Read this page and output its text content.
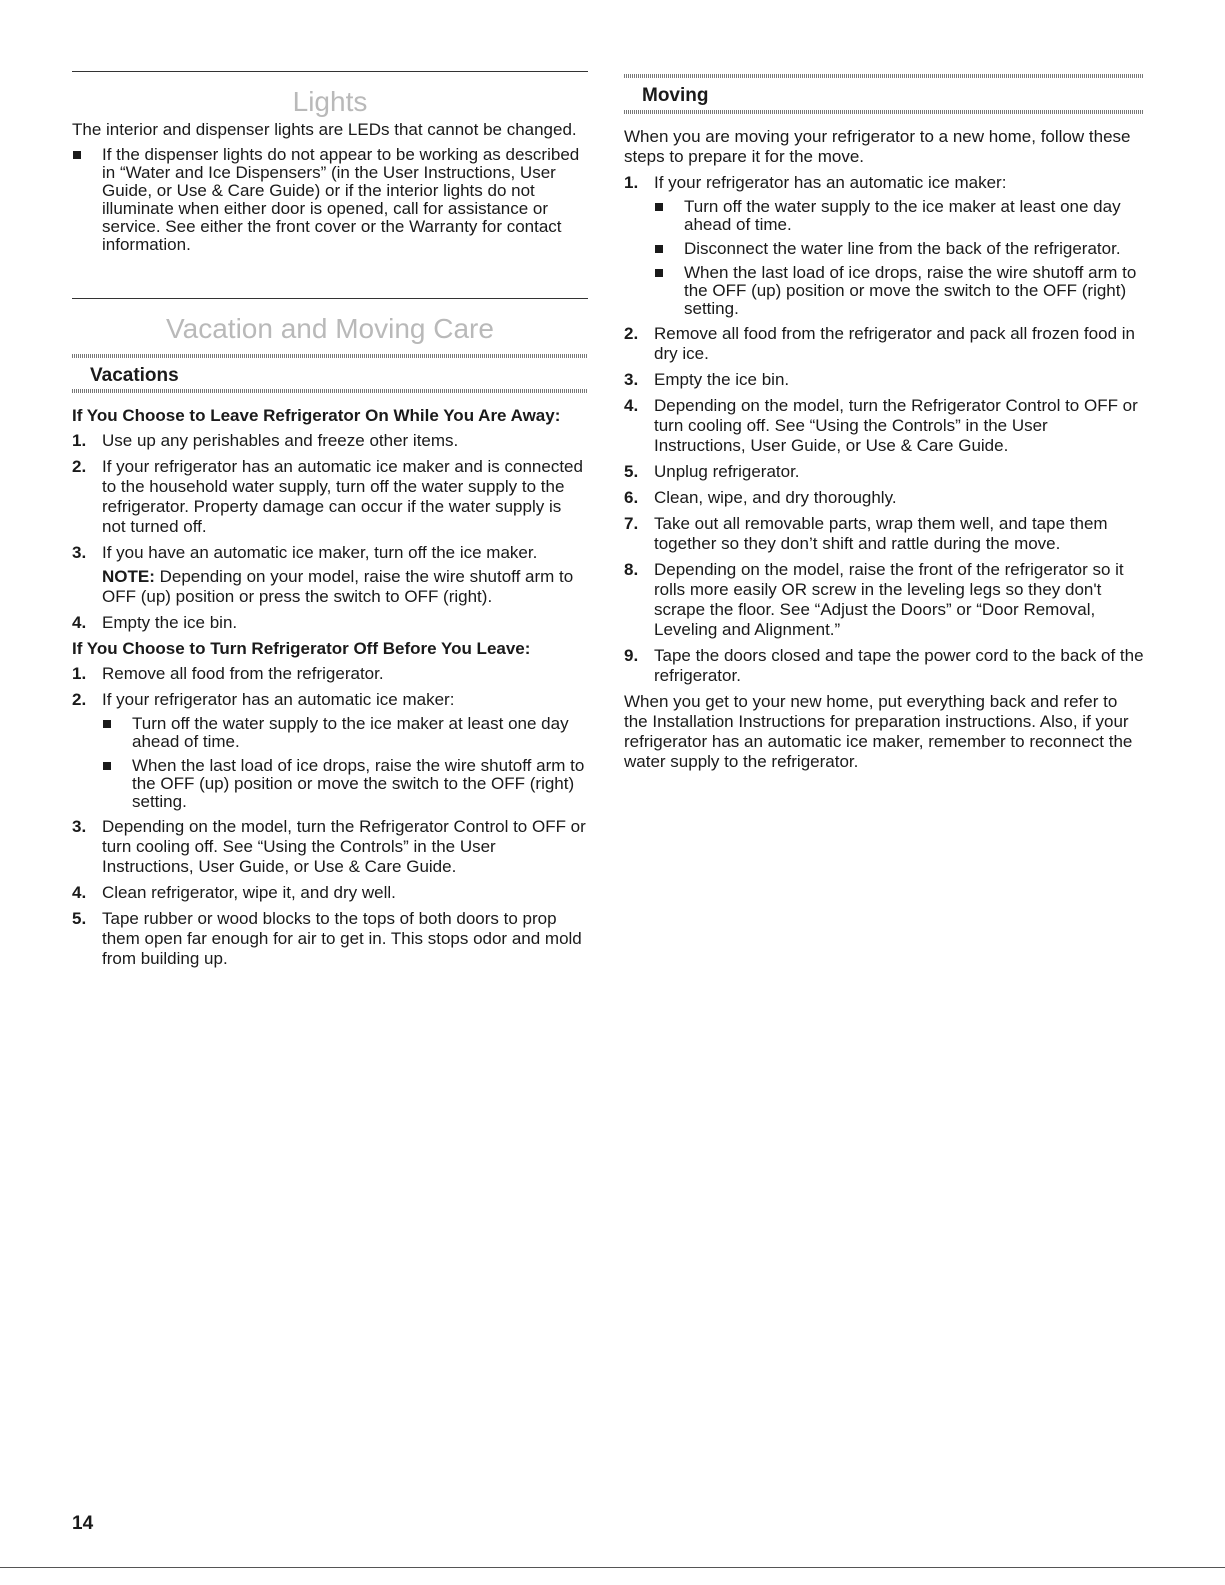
Lights

The interior and dispenser lights are LEDs that cannot be changed.

If the dispenser lights do not appear to be working as described in “Water and Ice Dispensers” (in the User Instructions, User Guide, or Use & Care Guide) or if the interior lights do not illuminate when either door is opened, call for assistance or service. See either the front cover or the Warranty for contact information.
Vacation and Moving Care
Vacations

If You Choose to Leave Refrigerator On While You Are Away:

1. Use up any perishables and freeze other items.
2. If your refrigerator has an automatic ice maker and is connected to the household water supply, turn off the water supply to the refrigerator. Property damage can occur if the water supply is not turned off.
3. If you have an automatic ice maker, turn off the ice maker.

NOTE: Depending on your model, raise the wire shutoff arm to OFF (up) position or press the switch to OFF (right).

4. Empty the ice bin.

If You Choose to Turn Refrigerator Off Before You Leave:

1. Remove all food from the refrigerator.
2. If your refrigerator has an automatic ice maker:
Turn off the water supply to the ice maker at least one day ahead of time.
When the last load of ice drops, raise the wire shutoff arm to the OFF (up) position or move the switch to the OFF (right) setting.
3. Depending on the model, turn the Refrigerator Control to OFF or turn cooling off. See “Using the Controls” in the User Instructions, User Guide, or Use & Care Guide.
4. Clean refrigerator, wipe it, and dry well.
5. Tape rubber or wood blocks to the tops of both doors to prop them open far enough for air to get in. This stops odor and mold from building up.
Moving

When you are moving your refrigerator to a new home, follow these steps to prepare it for the move.

1. If your refrigerator has an automatic ice maker:
Turn off the water supply to the ice maker at least one day ahead of time.
Disconnect the water line from the back of the refrigerator.
When the last load of ice drops, raise the wire shutoff arm to the OFF (up) position or move the switch to the OFF (right) setting.
2. Remove all food from the refrigerator and pack all frozen food in dry ice.
3. Empty the ice bin.
4. Depending on the model, turn the Refrigerator Control to OFF or turn cooling off. See “Using the Controls” in the User Instructions, User Guide, or Use & Care Guide.
5. Unplug refrigerator.
6. Clean, wipe, and dry thoroughly.
7. Take out all removable parts, wrap them well, and tape them together so they don’t shift and rattle during the move.
8. Depending on the model, raise the front of the refrigerator so it rolls more easily OR screw in the leveling legs so they don't scrape the floor. See “Adjust the Doors” or “Door Removal, Leveling and Alignment.”
9. Tape the doors closed and tape the power cord to the back of the refrigerator.

When you get to your new home, put everything back and refer to the Installation Instructions for preparation instructions. Also, if your refrigerator has an automatic ice maker, remember to reconnect the water supply to the refrigerator.

14
